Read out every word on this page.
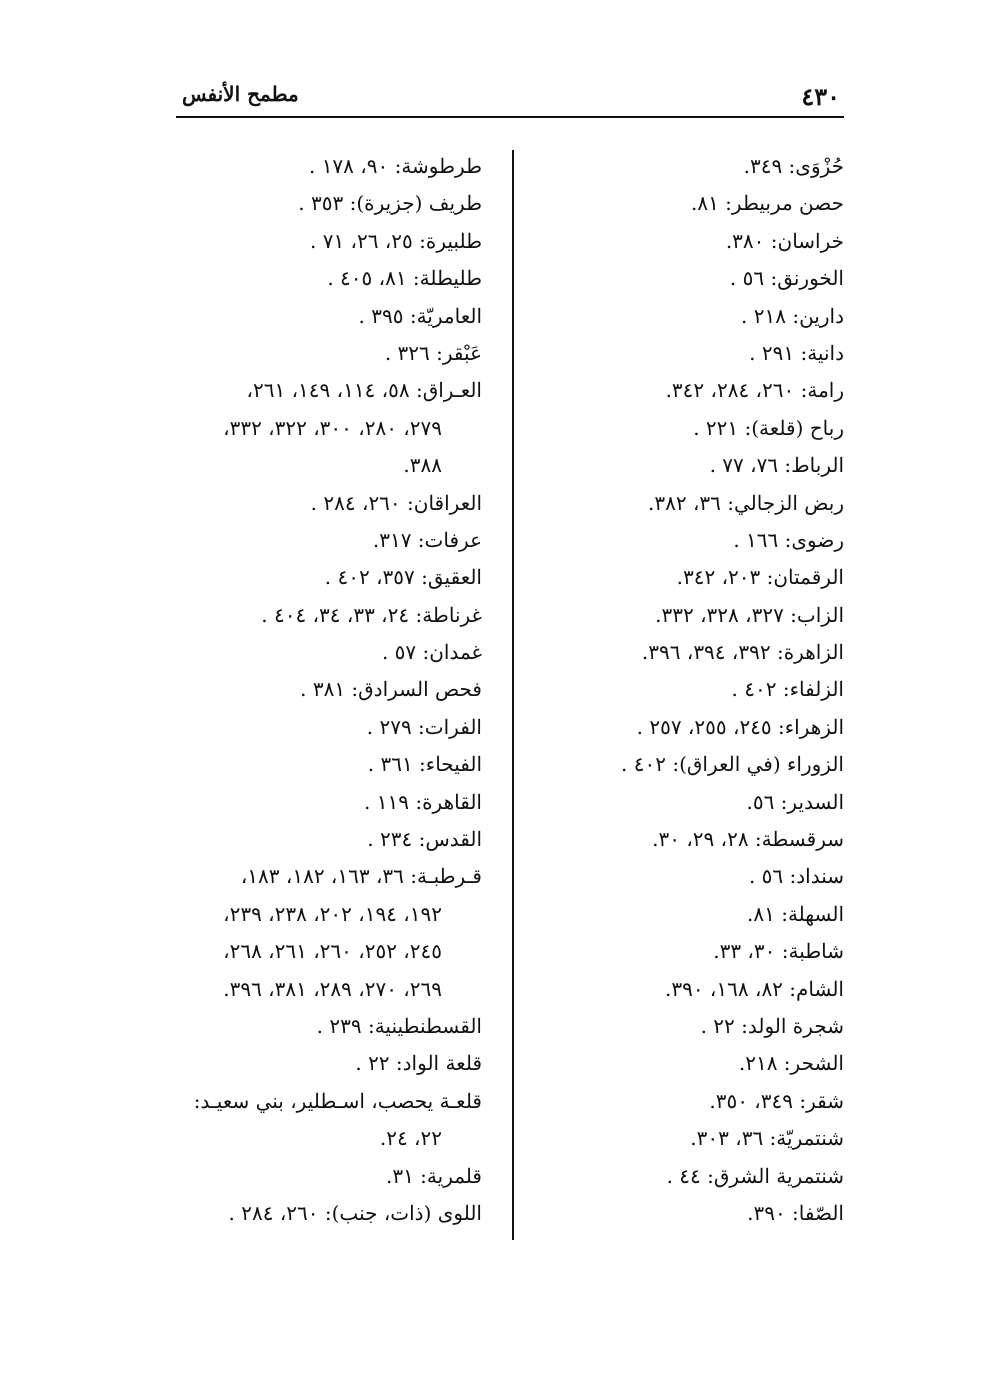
٤٣٠
مطمح الأنفس
حُزْوَى: ٣٤٩.
حصن مربيطر: ٨١.
خراسان: ٣٨٠.
الخورنق: ٥٦ .
دارين: ٢١٨ .
دانية: ٢٩١ .
رامة: ٢٦٠، ٢٨٤، ٣٤٢.
رباح (قلعة): ٢٢١ .
الرباط: ٧٦، ٧٧ .
ربض الزجالي: ٣٦، ٣٨٢.
رضوى: ١٦٦ .
الرقمتان: ٢٠٣، ٣٤٢.
الزاب: ٣٢٧، ٣٢٨، ٣٣٢.
الزاهرة: ٣٩٢، ٣٩٤، ٣٩٦.
الزلفاء: ٤٠٢ .
الزهراء: ٢٤٥، ٢٥٥، ٢٥٧ .
الزوراء (في العراق): ٤٠٢ .
السدير: ٥٦.
سرقسطة: ٢٨، ٢٩، ٣٠.
سنداد: ٥٦ .
السهلة: ٨١.
شاطبة: ٣٠، ٣٣.
الشام: ٨٢، ١٦٨، ٣٩٠.
شجرة الولد: ٢٢ .
الشحر: ٢١٨.
شقر: ٣٤٩، ٣٥٠.
شنتمريّة: ٣٦، ٣٠٣.
شنتمرية الشرق: ٤٤ .
الصّفا: ٣٩٠.
طرطوشة: ٩٠، ١٧٨ .
طريف (جزيرة): ٣٥٣ .
طلبيرة: ٢٥، ٢٦، ٧١ .
طليطلة: ٨١، ٤٠٥ .
العامريّة: ٣٩٥ .
عَبْقر: ٣٢٦ .
العـراق: ٥٨، ١١٤، ١٤٩، ٢٦١،
٢٧٩، ٢٨٠، ٣٠٠، ٣٢٢، ٣٣٢،
٣٨٨.
العراقان: ٢٦٠، ٢٨٤ .
عرفات: ٣١٧.
العقيق: ٣٥٧، ٤٠٢ .
غرناطة: ٢٤، ٣٣، ٣٤، ٤٠٤ .
غمدان: ٥٧ .
فحص السرادق: ٣٨١ .
الفرات: ٢٧٩ .
الفيحاء: ٣٦١ .
القاهرة: ١١٩ .
القدس: ٢٣٤ .
قـرطبـة: ٣٦، ١٦٣، ١٨٢، ١٨٣،
١٩٢، ١٩٤، ٢٠٢، ٢٣٨، ٢٣٩،
٢٤٥، ٢٥٢، ٢٦٠، ٢٦١، ٢٦٨،
٢٦٩، ٢٧٠، ٢٨٩، ٣٨١، ٣٩٦.
القسطنطينية: ٢٣٩ .
قلعة الواد: ٢٢ .
قلعـة يحصب، اسـطلير، بني سعيـد:
٢٢، ٢٤.
قلمرية: ٣١.
اللوى (ذات، جنب): ٢٦٠، ٢٨٤ .
